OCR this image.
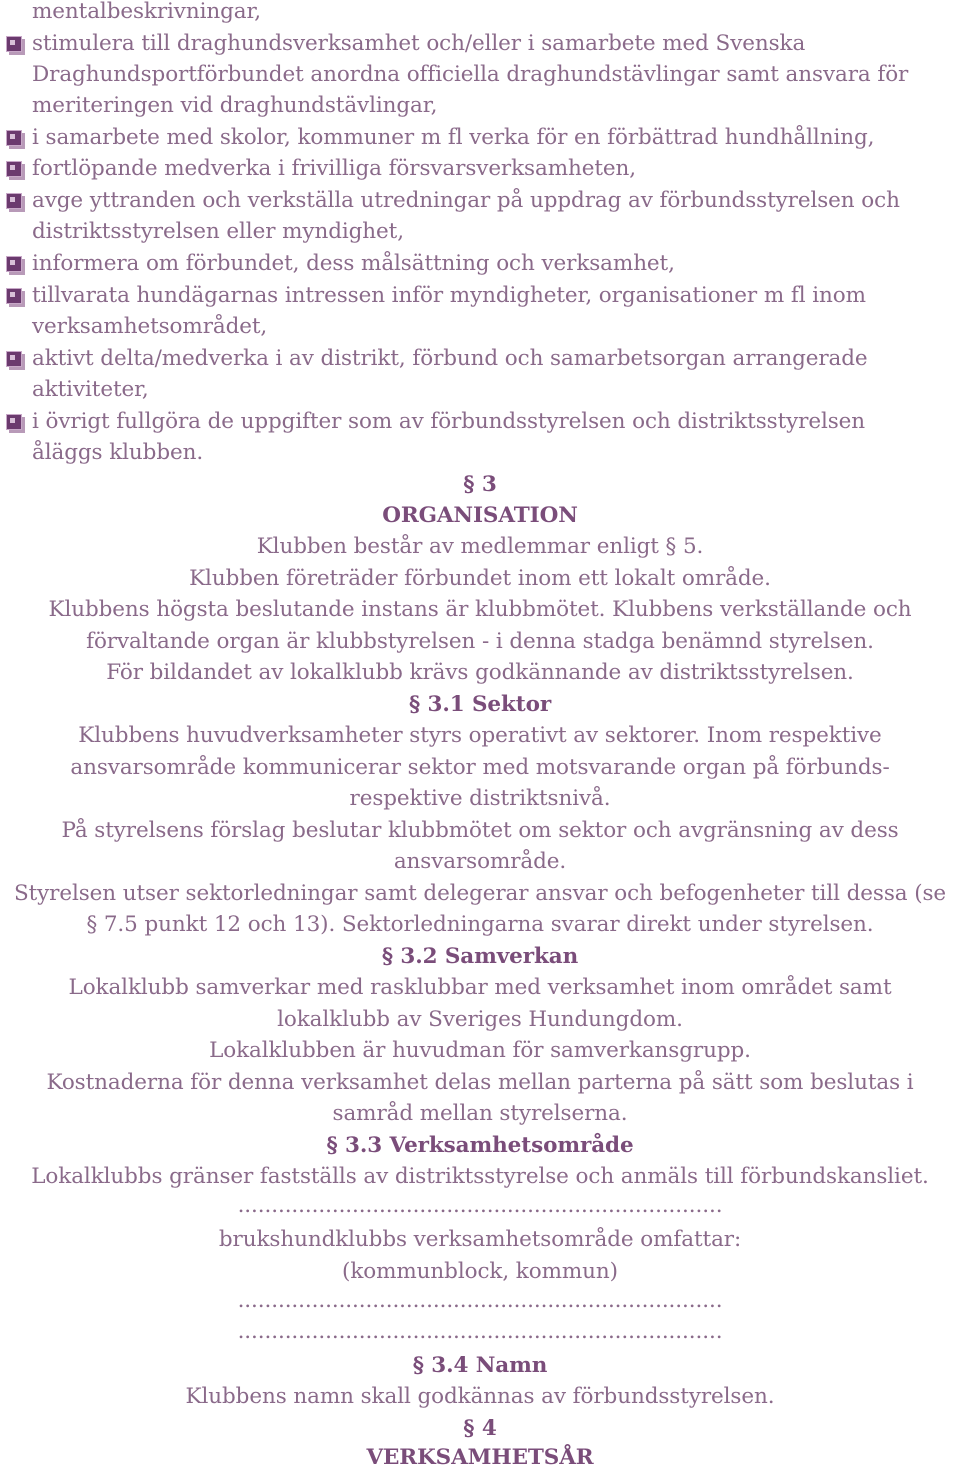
mentalbeskrivningar,
stimulera till draghundsverksamhet och/eller i samarbete med Svenska
Draghundsportförbundet anordna officiella draghundstävlingar samt ansvara för
meriteringen vid draghundstävlingar,
i samarbete med skolor, kommuner m fl verka för en förbättrad hundhållning,
fortlöpande medverka i frivilliga försvarsverksamheten,
avge yttranden och verkställa utredningar på uppdrag av förbundsstyrelsen och
distriktsstyrelsen eller myndighet,
informera om förbundet, dess målsättning och verksamhet,
tillvarata hundägarnas intressen inför myndigheter, organisationer m fl inom
verksamhetsområdet,
aktivt delta/medverka i av distrikt, förbund och samarbetsorgan arrangerade
aktiviteter,
i övrigt fullgöra de uppgifter som av förbundsstyrelsen och distriktsstyrelsen
åläggs klubben.
§ 3
ORGANISATION
Klubben består av medlemmar enligt § 5.
Klubben företräder förbundet inom ett lokalt område.
Klubbens högsta beslutande instans är klubbmötet. Klubbens verkställande och
förvaltande organ är klubbstyrelsen - i denna stadga benämnd styrelsen.
För bildandet av lokalklubb krävs godkännande av distriktsstyrelsen.
§ 3.1 Sektor
Klubbens huvudverksamheter styrs operativt av sektorer. Inom respektive
ansvarsområde kommunicerar sektor med motsvarande organ på förbunds-
respektive distriktsnivå.
På styrelsens förslag beslutar klubbmötet om sektor och avgränsning av dess
ansvarsområde.
Styrelsen utser sektorledningar samt delegerar ansvar och befogenheter till dessa (se
§ 7.5 punkt 12 och 13). Sektorledningarna svarar direkt under styrelsen.
§ 3.2 Samverkan
Lokalklubb samverkar med rasklubbar med verksamhet inom området samt
lokalklubb av Sveriges Hundungdom.
Lokalklubben är huvudman för samverkansgrupp.
Kostnaderna för denna verksamhet delas mellan parterna på sätt som beslutas i
samråd mellan styrelserna.
§ 3.3 Verksamhetsområde
Lokalklubbs gränser fastställs av distriktsstyrelse och anmäls till förbundskansliet.
........................................................................
brukshundklubbs verksamhetsområde omfattar:
(kommunblock, kommun)
........................................................................
........................................................................
§ 3.4 Namn
Klubbens namn skall godkännas av förbundsstyrelsen.
§ 4
VERKSAMHETSÅR
